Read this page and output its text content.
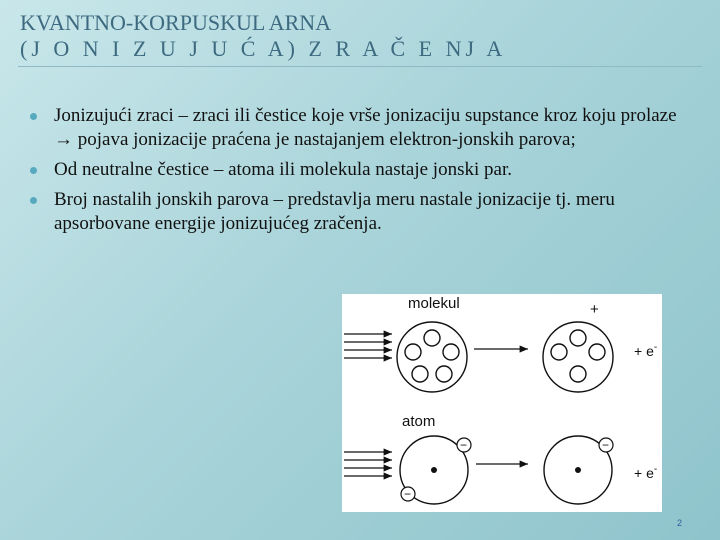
KVANTNO-KORPUSKUL ARNA
(J O N I Z U J U Ć A) Z R A Č E NJ A
Jonizujući zraci – zraci ili čestice koje vrše jonizaciju supstance kroz koju prolaze → pojava jonizacije praćena je nastajanjem elektron-jonskih parova;
Od neutralne čestice – atoma ili molekula nastaje jonski par.
Broj nastalih jonskih parova – predstavlja meru nastale jonizacije tj. meru apsorbovane energije jonizujućeg zračenja.
molekul	+
+ e-
atom
−
−
−
+ e-
2
